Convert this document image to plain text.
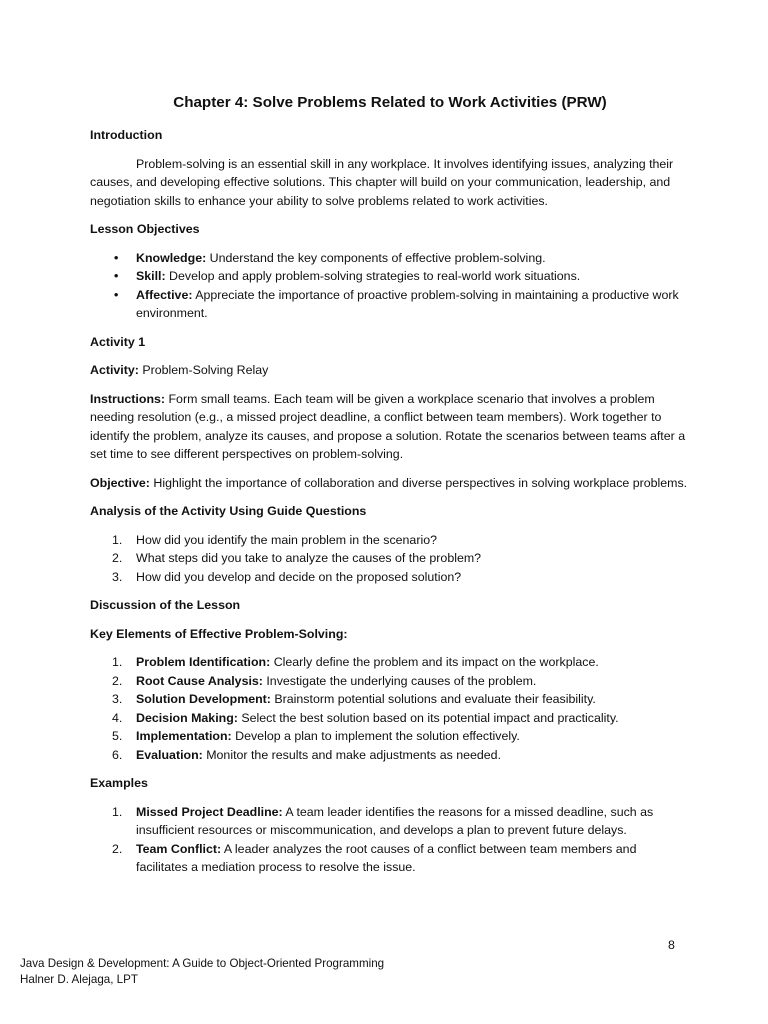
Chapter 4: Solve Problems Related to Work Activities (PRW)

Introduction

Problem-solving is an essential skill in any workplace. It involves identifying issues, analyzing their causes, and developing effective solutions. This chapter will build on your communication, leadership, and negotiation skills to enhance your ability to solve problems related to work activities.

Lesson Objectives

• Knowledge: Understand the key components of effective problem-solving.
• Skill: Develop and apply problem-solving strategies to real-world work situations.
• Affective: Appreciate the importance of proactive problem-solving in maintaining a productive work environment.

Activity 1

Activity: Problem-Solving Relay

Instructions: Form small teams. Each team will be given a workplace scenario that involves a problem needing resolution (e.g., a missed project deadline, a conflict between team members). Work together to identify the problem, analyze its causes, and propose a solution. Rotate the scenarios between teams after a set time to see different perspectives on problem-solving.

Objective: Highlight the importance of collaboration and diverse perspectives in solving workplace problems.

Analysis of the Activity Using Guide Questions

1. How did you identify the main problem in the scenario?
2. What steps did you take to analyze the causes of the problem?
3. How did you develop and decide on the proposed solution?

Discussion of the Lesson

Key Elements of Effective Problem-Solving:

1. Problem Identification: Clearly define the problem and its impact on the workplace.
2. Root Cause Analysis: Investigate the underlying causes of the problem.
3. Solution Development: Brainstorm potential solutions and evaluate their feasibility.
4. Decision Making: Select the best solution based on its potential impact and practicality.
5. Implementation: Develop a plan to implement the solution effectively.
6. Evaluation: Monitor the results and make adjustments as needed.

Examples

1. Missed Project Deadline: A team leader identifies the reasons for a missed deadline, such as insufficient resources or miscommunication, and develops a plan to prevent future delays.
2. Team Conflict: A leader analyzes the root causes of a conflict between team members and facilitates a mediation process to resolve the issue.
8
Java Design & Development: A Guide to Object-Oriented Programming
Halner D. Alejaga, LPT
